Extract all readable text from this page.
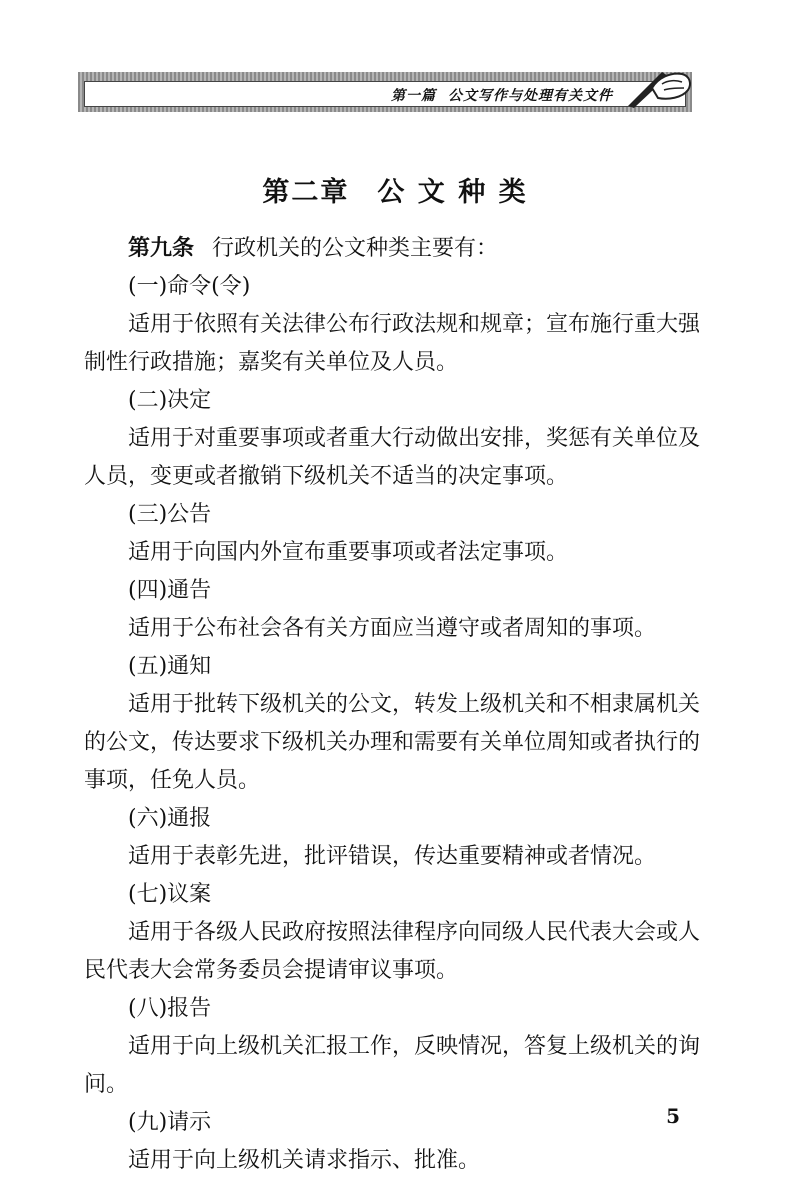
第一篇 公文写作与处理有关文件
第二章 公 文 种 类

第九条 行政机关的公文种类主要有：

(一)命令(令)

适用于依照有关法律公布行政法规和规章；宣布施行重大强制性行政措施；嘉奖有关单位及人员。

(二)决定

适用于对重要事项或者重大行动做出安排，奖惩有关单位及人员，变更或者撤销下级机关不适当的决定事项。

(三)公告

适用于向国内外宣布重要事项或者法定事项。

(四)通告

适用于公布社会各有关方面应当遵守或者周知的事项。

(五)通知

适用于批转下级机关的公文，转发上级机关和不相隶属机关的公文，传达要求下级机关办理和需要有关单位周知或者执行的事项，任免人员。

(六)通报

适用于表彰先进，批评错误，传达重要精神或者情况。

(七)议案

适用于各级人民政府按照法律程序向同级人民代表大会或人民代表大会常务委员会提请审议事项。

(八)报告

适用于向上级机关汇报工作，反映情况，答复上级机关的询问。

(九)请示

适用于向上级机关请求指示、批准。

5
